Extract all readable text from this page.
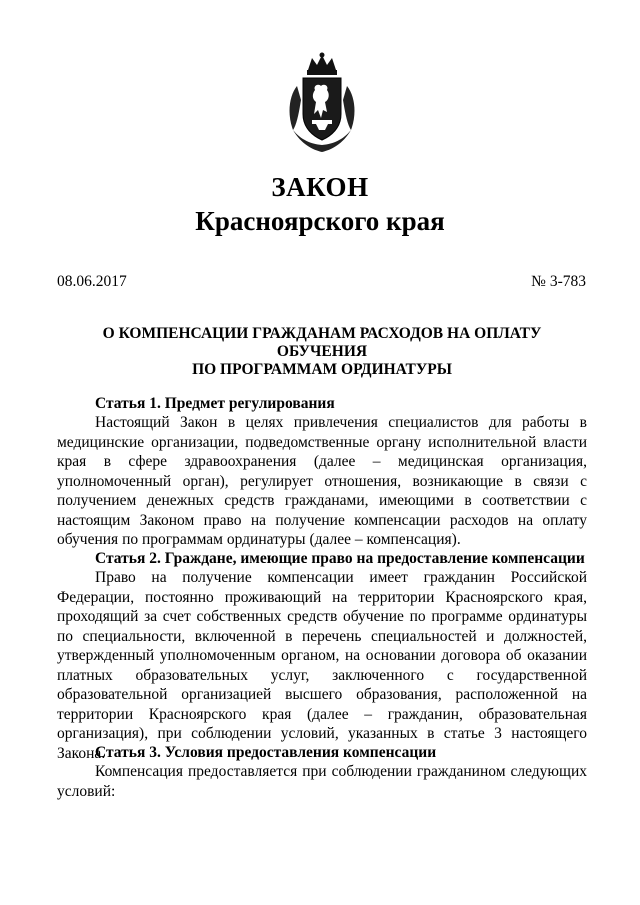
ЗАКОН
Красноярского края
08.06.2017	№ 3-783
О КОМПЕНСАЦИИ ГРАЖДАНАМ РАСХОДОВ НА ОПЛАТУ ОБУЧЕНИЯ
ПО ПРОГРАММАМ ОРДИНАТУРЫ

Статья 1. Предмет регулирования

Настоящий Закон в целях привлечения специалистов для работы в медицинские организации, подведомственные органу исполнительной власти края в сфере здравоохранения (далее – медицинская организация, уполномоченный орган), регулирует отношения, возникающие в связи с получением денежных средств гражданами, имеющими в соответствии с настоящим Законом право на получение компенсации расходов на оплату обучения по программам ординатуры (далее – компенсация).

Статья 2. Граждане, имеющие право на предоставление компенсации

Право на получение компенсации имеет гражданин Российской Федерации, постоянно проживающий на территории Красноярского края, проходящий за счет собственных средств обучение по программе ординатуры по специальности, включенной в перечень специальностей и должностей, утвержденный уполномоченным органом, на основании договора об оказании платных образовательных услуг, заключенного с государственной образовательной организацией высшего образования, расположенной на территории Красноярского края (далее – гражданин, образовательная организация), при соблюдении условий, указанных в статье 3 настоящего Закона.

Статья 3. Условия предоставления компенсации

Компенсация предоставляется при соблюдении гражданином следующих условий:
